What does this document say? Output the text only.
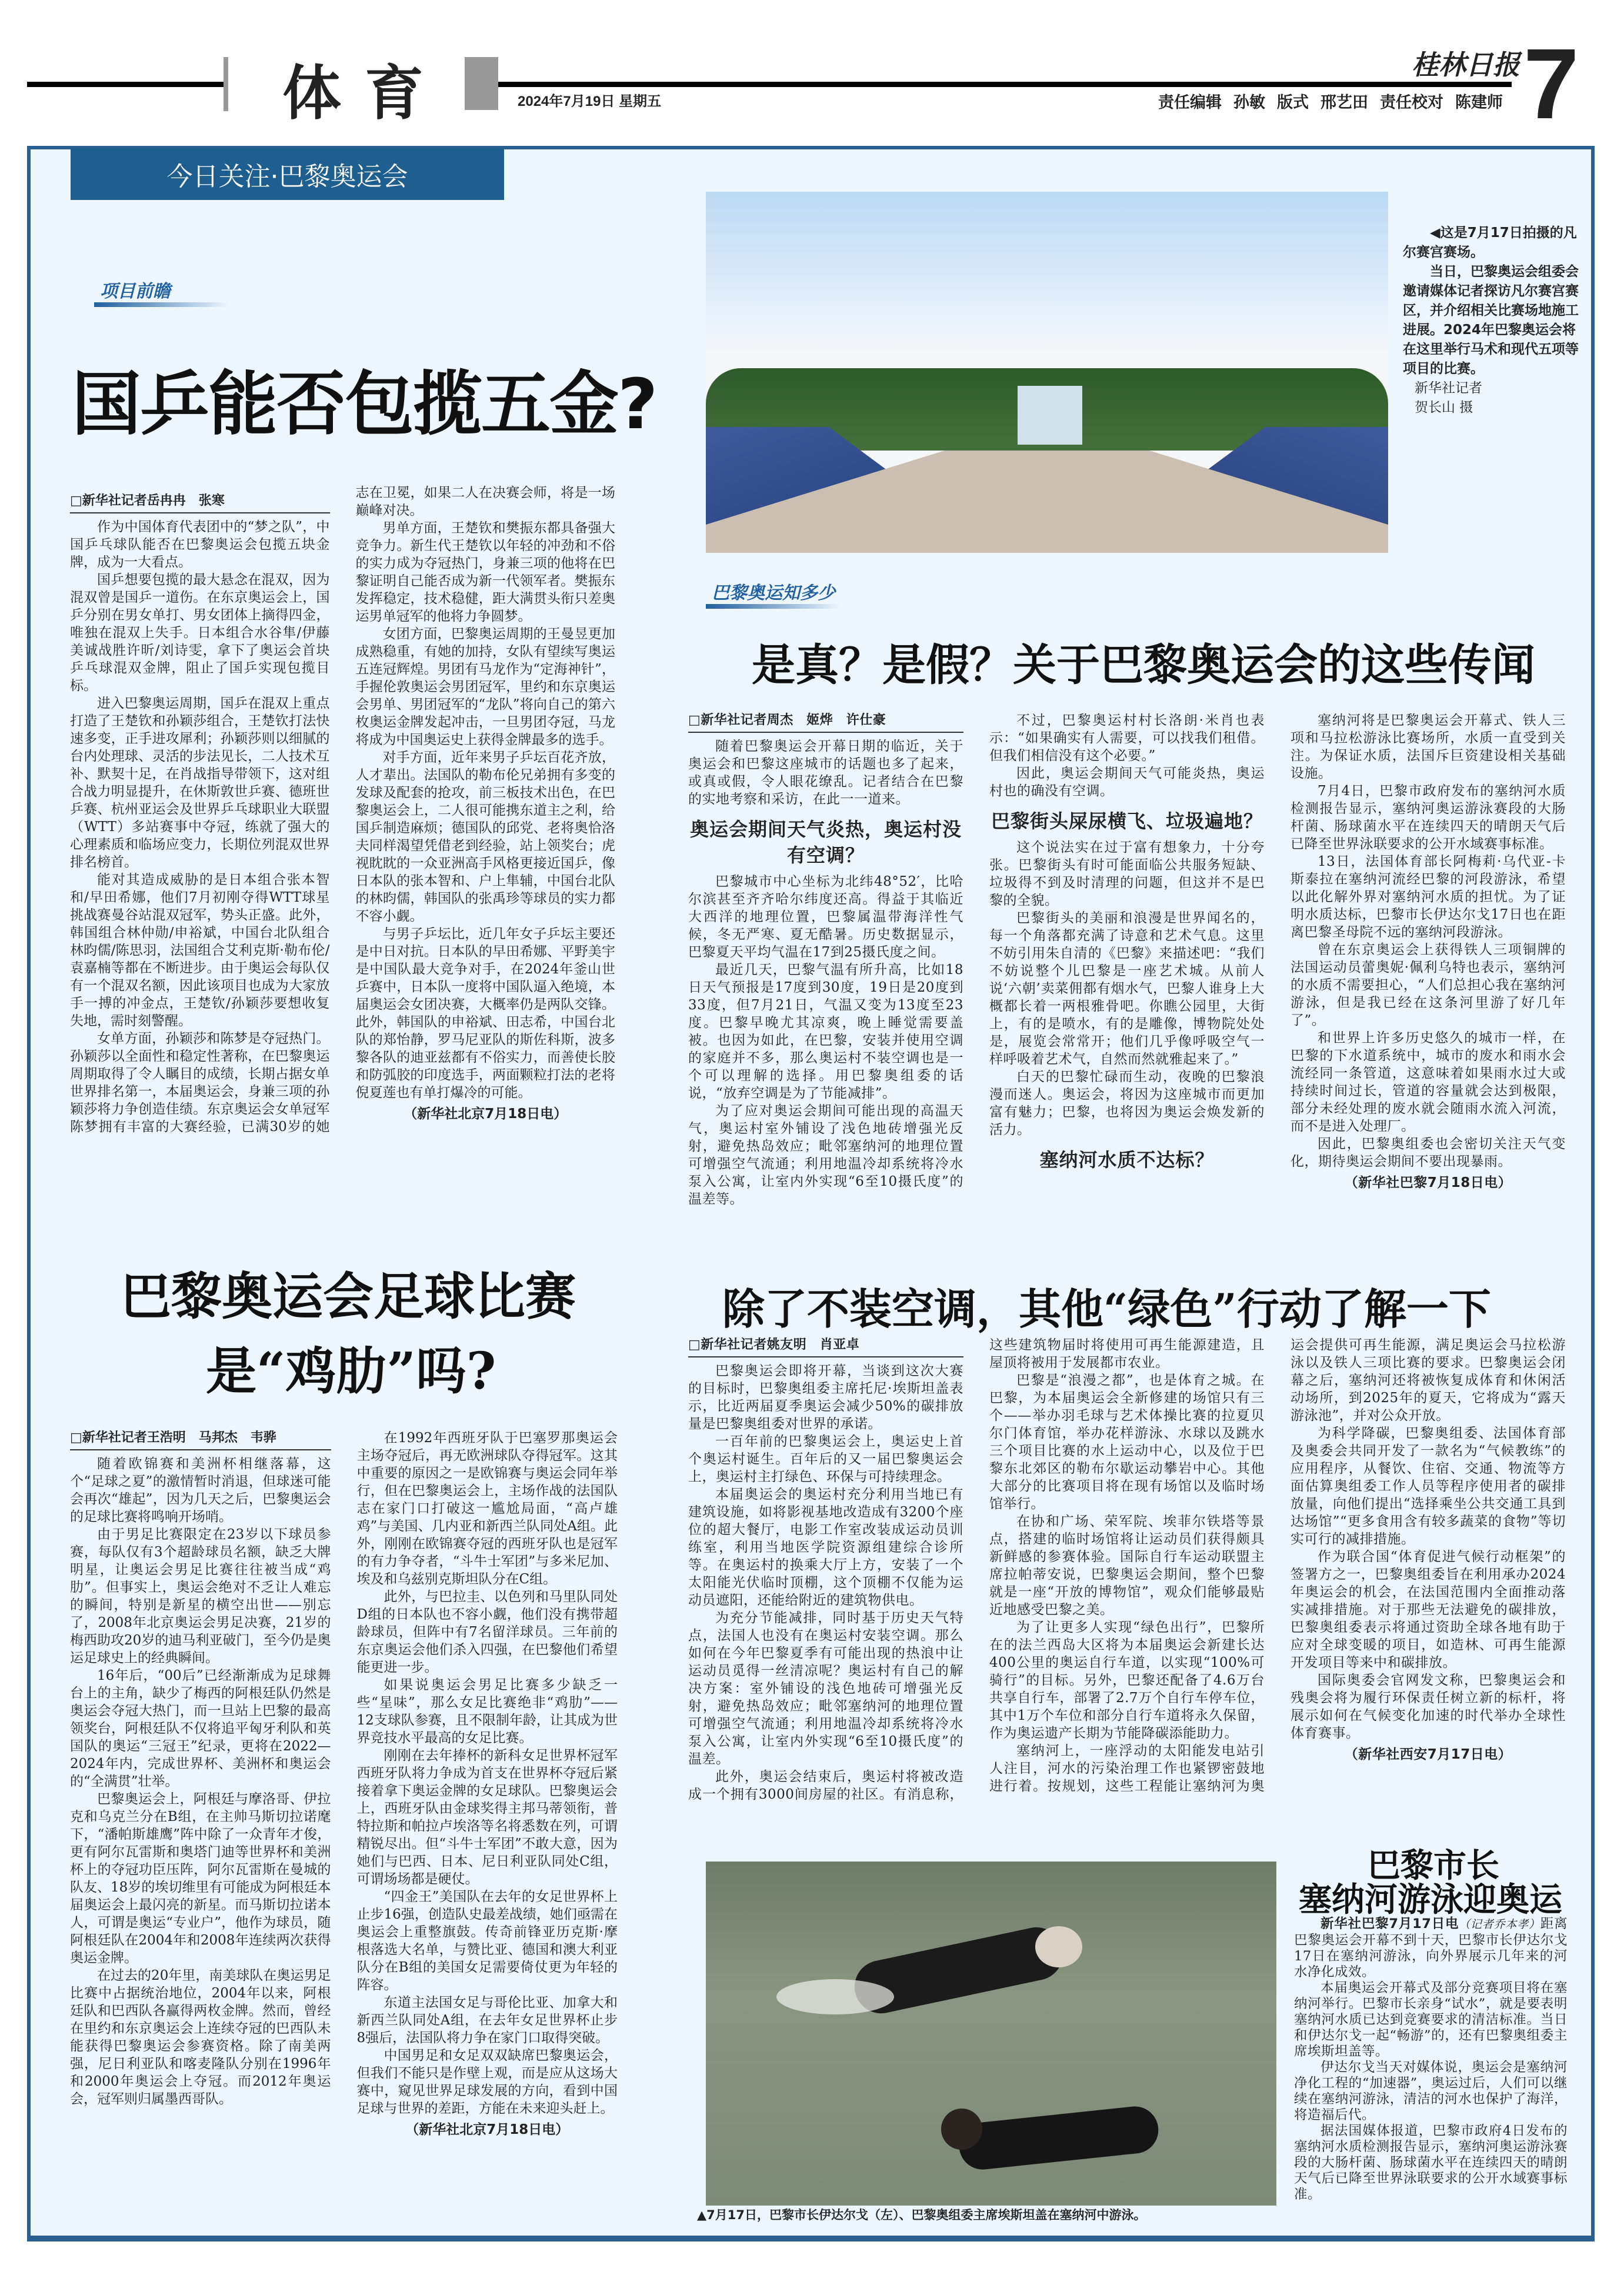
体育	2024年7月19日 星期五	责任编辑 孙敏 版式 邢艺田 责任校对 陈建师
桂林日报 7
今日关注·巴黎奥运会

◀这是7月17日拍摄的凡尔赛宫赛场。

当日，巴黎奥运会组委会邀请媒体记者探访凡尔赛宫赛区，并介绍相关比赛场地施工进展。2024年巴黎奥运会将在这里举行马术和现代五项等项目的比赛。

新华社记者

贺长山 摄

项目前瞻
国乒能否包揽五金?
□新华社记者岳冉冉　张寒

作为中国体育代表团中的“梦之队”，中国乒乓球队能否在巴黎奥运会包揽五块金牌，成为一大看点。

国乒想要包揽的最大悬念在混双，因为混双曾是国乒一道伤。在东京奥运会上，国乒分别在男女单打、男女团体上摘得四金，唯独在混双上失手。日本组合水谷隼/伊藤美诚战胜许昕/刘诗雯，拿下了奥运会首块乒乓球混双金牌，阻止了国乒实现包揽目标。

进入巴黎奥运周期，国乒在混双上重点打造了王楚钦和孙颖莎组合，王楚钦打法快速多变，正手进攻犀利；孙颖莎则以细腻的台内处理球、灵活的步法见长，二人技术互补、默契十足，在肖战指导带领下，这对组合战力明显提升，在休斯敦世乒赛、德班世乒赛、杭州亚运会及世界乒乓球职业大联盟（WTT）多站赛事中夺冠，练就了强大的心理素质和临场应变力，长期位列混双世界排名榜首。

能对其造成威胁的是日本组合张本智和/早田希娜，他们7月初刚夺得WTT球星挑战赛曼谷站混双冠军，势头正盛。此外，韩国组合林仲勋/申裕斌，中国台北队组合林昀儒/陈思羽，法国组合艾利克斯·勒布伦/袁嘉楠等都在不断进步。由于奥运会每队仅有一个混双名额，因此该项目也成为大家放手一搏的冲金点，王楚钦/孙颖莎要想收复失地，需时刻警醒。

女单方面，孙颖莎和陈梦是夺冠热门。孙颖莎以全面性和稳定性著称，在巴黎奥运周期取得了令人瞩目的成绩，长期占据女单世界排名第一，本届奥运会，身兼三项的孙颖莎将力争创造佳绩。东京奥运会女单冠军陈梦拥有丰富的大赛经验，已满30岁的她志在卫冕，如果二人在决赛会师，将是一场巅峰对决。

男单方面，王楚钦和樊振东都具备强大竞争力。新生代王楚钦以年轻的冲劲和不俗的实力成为夺冠热门，身兼三项的他将在巴黎证明自己能否成为新一代领军者。樊振东发挥稳定，技术稳健，距大满贯头衔只差奥运男单冠军的他将力争圆梦。

女团方面，巴黎奥运周期的王曼昱更加成熟稳重，有她的加持，女队有望续写奥运五连冠辉煌。男团有马龙作为“定海神针”，手握伦敦奥运会男团冠军，里约和东京奥运会男单、男团冠军的“龙队”将向自己的第六枚奥运金牌发起冲击，一旦男团夺冠，马龙将成为中国奥运史上获得金牌最多的选手。

对手方面，近年来男子乒坛百花齐放，人才辈出。法国队的勒布伦兄弟拥有多变的发球及配套的抢攻，前三板技术出色，在巴黎奥运会上，二人很可能携东道主之利，给国乒制造麻烦；德国队的邱党、老将奥恰洛夫同样渴望凭借老到经验，站上领奖台；虎视眈眈的一众亚洲高手风格更接近国乒，像日本队的张本智和、户上隼辅，中国台北队的林昀儒，韩国队的张禹珍等球员的实力都不容小觑。

与男子乒坛比，近几年女子乒坛主要还是中日对抗。日本队的早田希娜、平野美宇是中国队最大竞争对手，在2024年釜山世乒赛中，日本队一度将中国队逼入绝境，本届奥运会女团决赛，大概率仍是两队交锋。此外，韩国队的申裕斌、田志希，中国台北队的郑怡静，罗马尼亚队的斯佐科斯，波多黎各队的迪亚兹都有不俗实力，而善使长胶和防弧胶的印度选手，两面颗粒打法的老将倪夏莲也有单打爆冷的可能。

（新华社北京7月18日电）

巴黎奥运知多少
是真？是假？关于巴黎奥运会的这些传闻
□新华社记者周杰　姬烨　许仕豪

随着巴黎奥运会开幕日期的临近，关于奥运会和巴黎这座城市的话题也多了起来，或真或假，令人眼花缭乱。记者结合在巴黎的实地考察和采访，在此一一道来。

奥运会期间天气炎热，奥运村没有空调？

巴黎城市中心坐标为北纬48°52′，比哈尔滨甚至齐齐哈尔纬度还高。得益于其临近大西洋的地理位置，巴黎属温带海洋性气候，冬无严寒、夏无酷暑。历史数据显示，巴黎夏天平均气温在17到25摄氏度之间。

最近几天，巴黎气温有所升高，比如18日天气预报是17度到30度，19日是20度到33度，但7月21日，气温又变为13度至23度。巴黎早晚尤其凉爽，晚上睡觉需要盖被。也因为如此，在巴黎，安装并使用空调的家庭并不多，那么奥运村不装空调也是一个可以理解的选择。用巴黎奥组委的话说，“放弃空调是为了节能减排”。

为了应对奥运会期间可能出现的高温天气，奥运村室外铺设了浅色地砖增强光反射，避免热岛效应；毗邻塞纳河的地理位置可增强空气流通；利用地温冷却系统将冷水泵入公寓，让室内外实现“6至10摄氏度”的温差等。

不过，巴黎奥运村村长洛朗·米肖也表示：“如果确实有人需要，可以找我们租借。但我们相信没有这个必要。”

因此，奥运会期间天气可能炎热，奥运村也的确没有空调。

巴黎街头屎尿横飞、垃圾遍地？

这个说法实在过于富有想象力，十分夸张。巴黎街头有时可能面临公共服务短缺、垃圾得不到及时清理的问题，但这并不是巴黎的全貌。

巴黎街头的美丽和浪漫是世界闻名的，每一个角落都充满了诗意和艺术气息。这里不妨引用朱自清的《巴黎》来描述吧：“我们不妨说整个儿巴黎是一座艺术城。从前人说‘六朝’卖菜佣都有烟水气，巴黎人谁身上大概都长着一两根雅骨吧。你瞧公园里，大街上，有的是喷水，有的是雕像，博物院处处是，展览会常常开；他们几乎像呼吸空气一样呼吸着艺术气，自然而然就雅起来了。”

白天的巴黎忙碌而生动，夜晚的巴黎浪漫而迷人。奥运会，将因为这座城市而更加富有魅力；巴黎，也将因为奥运会焕发新的活力。

塞纳河水质不达标？

塞纳河将是巴黎奥运会开幕式、铁人三项和马拉松游泳比赛场所，水质一直受到关注。为保证水质，法国斥巨资建设相关基础设施。

7月4日，巴黎市政府发布的塞纳河水质检测报告显示，塞纳河奥运游泳赛段的大肠杆菌、肠球菌水平在连续四天的晴朗天气后已降至世界泳联要求的公开水域赛事标准。

13日，法国体育部长阿梅莉·乌代亚-卡斯泰拉在塞纳河流经巴黎的河段游泳，希望以此化解外界对塞纳河水质的担忧。为了证明水质达标，巴黎市长伊达尔戈17日也在距离巴黎圣母院不远的塞纳河段游泳。

曾在东京奥运会上获得铁人三项铜牌的法国运动员蕾奥妮·佩利乌特也表示，塞纳河的水质不需要担心，“人们总担心我在塞纳河游泳，但是我已经在这条河里游了好几年了”。

和世界上许多历史悠久的城市一样，在巴黎的下水道系统中，城市的废水和雨水会流经同一条管道，这意味着如果雨水过大或持续时间过长，管道的容量就会达到极限，部分未经处理的废水就会随雨水流入河流，而不是进入处理厂。

因此，巴黎奥组委也会密切关注天气变化，期待奥运会期间不要出现暴雨。

（新华社巴黎7月18日电）

巴黎奥运会足球比赛
是“鸡肋”吗?
□新华社记者王浩明　马邦杰　韦骅

随着欧锦赛和美洲杯相继落幕，这个“足球之夏”的激情暂时消退，但球迷可能会再次“雄起”，因为几天之后，巴黎奥运会的足球比赛将鸣响开场哨。

由于男足比赛限定在23岁以下球员参赛，每队仅有3个超龄球员名额，缺乏大牌明星，让奥运会男足比赛往往被当成“鸡肋”。但事实上，奥运会绝对不乏让人难忘的瞬间，特别是新星的横空出世——别忘了，2008年北京奥运会男足决赛，21岁的梅西助攻20岁的迪马利亚破门，至今仍是奥运足球史上的经典瞬间。

16年后，“00后”已经渐渐成为足球舞台上的主角，缺少了梅西的阿根廷队仍然是奥运会夺冠大热门，而一旦站上巴黎的最高领奖台，阿根廷队不仅将追平匈牙利队和英国队的奥运“三冠王”纪录，更将在2022—2024年内，完成世界杯、美洲杯和奥运会的“全满贯”壮举。

巴黎奥运会上，阿根廷与摩洛哥、伊拉克和乌克兰分在B组，在主帅马斯切拉诺麾下，“潘帕斯雄鹰”阵中除了一众青年才俊，更有阿尔瓦雷斯和奥塔门迪等世界杯和美洲杯上的夺冠功臣压阵，阿尔瓦雷斯在曼城的队友、18岁的埃切维里有可能成为阿根廷本届奥运会上最闪亮的新星。而马斯切拉诺本人，可谓是奥运“专业户”，他作为球员，随阿根廷队在2004年和2008年连续两次获得奥运金牌。

在过去的20年里，南美球队在奥运男足比赛中占据统治地位，2004年以来，阿根廷队和巴西队各赢得两枚金牌。然而，曾经在里约和东京奥运会上连续夺冠的巴西队未能获得巴黎奥运会参赛资格。除了南美两强，尼日利亚队和喀麦隆队分别在1996年和2000年奥运会上夺冠。而2012年奥运会，冠军则归属墨西哥队。

在1992年西班牙队于巴塞罗那奥运会主场夺冠后，再无欧洲球队夺得冠军。这其中重要的原因之一是欧锦赛与奥运会同年举行，但在巴黎奥运会上，主场作战的法国队志在家门口打破这一尴尬局面，“高卢雄鸡”与美国、几内亚和新西兰队同处A组。此外，刚刚在欧锦赛夺冠的西班牙队也是冠军的有力争夺者，“斗牛士军团”与多米尼加、埃及和乌兹别克斯坦队分在C组。

此外，与巴拉圭、以色列和马里队同处D组的日本队也不容小觑，他们没有携带超龄球员，但阵中有7名留洋球员。三年前的东京奥运会他们杀入四强，在巴黎他们希望能更进一步。

如果说奥运会男足比赛多少缺乏一些“星味”，那么女足比赛绝非“鸡肋”——12支球队参赛，且不限制年龄，让其成为世界竞技水平最高的女足比赛。

刚刚在去年捧杯的新科女足世界杯冠军西班牙队将力争成为首支在世界杯夺冠后紧接着拿下奥运金牌的女足球队。巴黎奥运会上，西班牙队由金球奖得主邦马蒂领衔，普特拉斯和帕拉卢埃洛等名将悉数在列，可谓精锐尽出。但“斗牛士军团”不敢大意，因为她们与巴西、日本、尼日利亚队同处C组，可谓场场都是硬仗。

“四金王”美国队在去年的女足世界杯上止步16强，创造队史最差战绩，她们亟需在奥运会上重整旗鼓。传奇前锋亚历克斯·摩根落选大名单，与赞比亚、德国和澳大利亚队分在B组的美国女足需要倚仗更为年轻的阵容。

东道主法国女足与哥伦比亚、加拿大和新西兰队同处A组，在去年女足世界杯止步8强后，法国队将力争在家门口取得突破。

中国男足和女足双双缺席巴黎奥运会，但我们不能只是作壁上观，而是应从这场大赛中，窥见世界足球发展的方向，看到中国足球与世界的差距，方能在未来迎头赶上。

（新华社北京7月18日电）

除了不装空调，其他“绿色”行动了解一下
□新华社记者姚友明　肖亚卓

巴黎奥运会即将开幕，当谈到这次大赛的目标时，巴黎奥组委主席托尼·埃斯坦盖表示，比近两届夏季奥运会减少50%的碳排放量是巴黎奥组委对世界的承诺。

一百年前的巴黎奥运会上，奥运史上首个奥运村诞生。百年后的又一届巴黎奥运会上，奥运村主打绿色、环保与可持续理念。

本届奥运会的奥运村充分利用当地已有建筑设施，如将影视基地改造成有3200个座位的超大餐厅，电影工作室改装成运动员训练室，利用当地医学院资源组建综合诊所等。在奥运村的换乘大厅上方，安装了一个太阳能光伏临时顶棚，这个顶棚不仅能为运动员遮阳，还能给附近的建筑物供电。

为充分节能减排，同时基于历史天气特点，法国人也没有在奥运村安装空调。那么如何在今年巴黎夏季有可能出现的热浪中让运动员觅得一丝清凉呢？奥运村有自己的解决方案：室外铺设的浅色地砖可增强光反射，避免热岛效应；毗邻塞纳河的地理位置可增强空气流通；利用地温冷却系统将冷水泵入公寓，让室内外实现“6至10摄氏度”的温差。

此外，奥运会结束后，奥运村将被改造成一个拥有3000间房屋的社区。有消息称，这些建筑物届时将使用可再生能源建造，且屋顶将被用于发展都市农业。

巴黎是“浪漫之都”，也是体育之城。在巴黎，为本届奥运会全新修建的场馆只有三个——举办羽毛球与艺术体操比赛的拉夏贝尔门体育馆，举办花样游泳、水球以及跳水三个项目比赛的水上运动中心，以及位于巴黎东北郊区的勒布尔歇运动攀岩中心。其他大部分的比赛项目将在现有场馆以及临时场馆举行。

在协和广场、荣军院、埃菲尔铁塔等景点，搭建的临时场馆将让运动员们获得颇具新鲜感的参赛体验。国际自行车运动联盟主席拉帕蒂安说，巴黎奥运会期间，整个巴黎就是一座“开放的博物馆”，观众们能够最贴近地感受巴黎之美。

为了让更多人实现“绿色出行”，巴黎所在的法兰西岛大区将为本届奥运会新建长达400公里的奥运自行车道，以实现“100%可骑行”的目标。另外，巴黎还配备了4.6万台共享自行车，部署了2.7万个自行车停车位，其中1万个车位和部分自行车道将永久保留，作为奥运遗产长期为节能降碳添能助力。

塞纳河上，一座浮动的太阳能发电站引人注目，河水的污染治理工作也紧锣密鼓地进行着。按规划，这些工程能让塞纳河为奥运会提供可再生能源，满足奥运会马拉松游泳以及铁人三项比赛的要求。巴黎奥运会闭幕之后，塞纳河还将被恢复成体育和休闲活动场所，到2025年的夏天，它将成为“露天游泳池”，并对公众开放。

为科学降碳，巴黎奥组委、法国体育部及奥委会共同开发了一款名为“气候教练”的应用程序，从餐饮、住宿、交通、物流等方面估算奥组委工作人员等程序使用者的碳排放量，向他们提出“选择乘坐公共交通工具到达场馆”“更多食用含有较多蔬菜的食物”等切实可行的减排措施。

作为联合国“体育促进气候行动框架”的签署方之一，巴黎奥组委旨在利用承办2024年奥运会的机会，在法国范围内全面推动落实减排措施。对于那些无法避免的碳排放，巴黎奥组委表示将通过资助全球各地有助于应对全球变暖的项目，如造林、可再生能源开发项目等来中和碳排放。

国际奥委会官网发文称，巴黎奥运会和残奥会将为履行环保责任树立新的标杆，将展示如何在气候变化加速的时代举办全球性体育赛事。

（新华社西安7月17日电）

▲7月17日，巴黎市长伊达尔戈（左）、巴黎奥组委主席埃斯坦盖在塞纳河中游泳。
巴黎市长
塞纳河游泳迎奥运

新华社巴黎7月17日电（记者乔本孝）距离巴黎奥运会开幕不到十天，巴黎市长伊达尔戈17日在塞纳河游泳，向外界展示几年来的河水净化成效。

本届奥运会开幕式及部分竞赛项目将在塞纳河举行。巴黎市长亲身“试水”，就是要表明塞纳河水质已达到竞赛要求的清洁标准。当日和伊达尔戈一起“畅游”的，还有巴黎奥组委主席埃斯坦盖等。

伊达尔戈当天对媒体说，奥运会是塞纳河净化工程的“加速器”，奥运过后，人们可以继续在塞纳河游泳，清洁的河水也保护了海洋，将造福后代。

据法国媒体报道，巴黎市政府4日发布的塞纳河水质检测报告显示，塞纳河奥运游泳赛段的大肠杆菌、肠球菌水平在连续四天的晴朗天气后已降至世界泳联要求的公开水域赛事标准。
